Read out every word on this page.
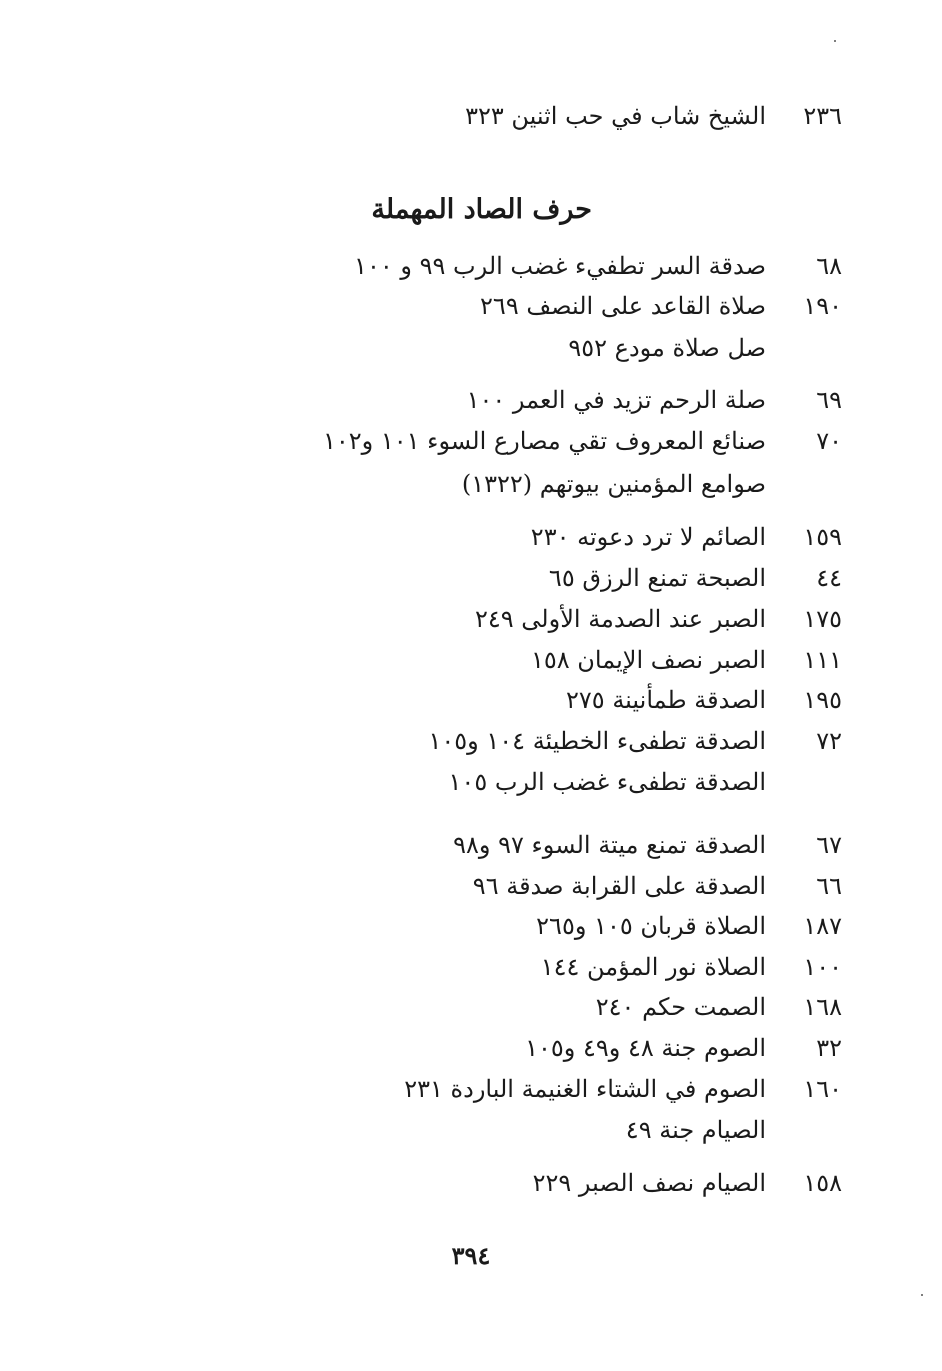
٢٣٦
الشيخ شاب في حب اثنين ٣٢٣
حرف الصاد المهملة
٦٨
صدقة السر تطفيء غضب الرب ٩٩ و ١٠٠
١٩٠
صلاة القاعد على النصف ٢٦٩
صل صلاة مودع ٩٥٢
٦٩
صلة الرحم تزيد في العمر ١٠٠
٧٠
صنائع المعروف تقي مصارع السوء ١٠١ و١٠٢
صوامع المؤمنين بيوتهم (١٣٢٢)
١٥٩
الصائم لا ترد دعوته ٢٣٠
٤٤
الصبحة تمنع الرزق ٦٥
١٧٥
الصبر عند الصدمة الأولى ٢٤٩
١١١
الصبر نصف الإيمان ١٥٨
١٩٥
الصدقة طمأنينة ٢٧٥
٧٢
الصدقة تطفىء الخطيئة ١٠٤ و١٠٥
الصدقة تطفىء غضب الرب ١٠٥
٦٧
الصدقة تمنع ميتة السوء ٩٧ و٩٨
٦٦
الصدقة على القرابة صدقة ٩٦
١٨٧
الصلاة قربان ١٠٥ و٢٦٥
١٠٠
الصلاة نور المؤمن ١٤٤
١٦٨
الصمت حكم ٢٤٠
٣٢
الصوم جنة ٤٨ و٤٩ و١٠٥
١٦٠
الصوم في الشتاء الغنيمة الباردة ٢٣١
الصيام جنة ٤٩
١٥٨
الصيام نصف الصبر ٢٢٩
٣٩٤
